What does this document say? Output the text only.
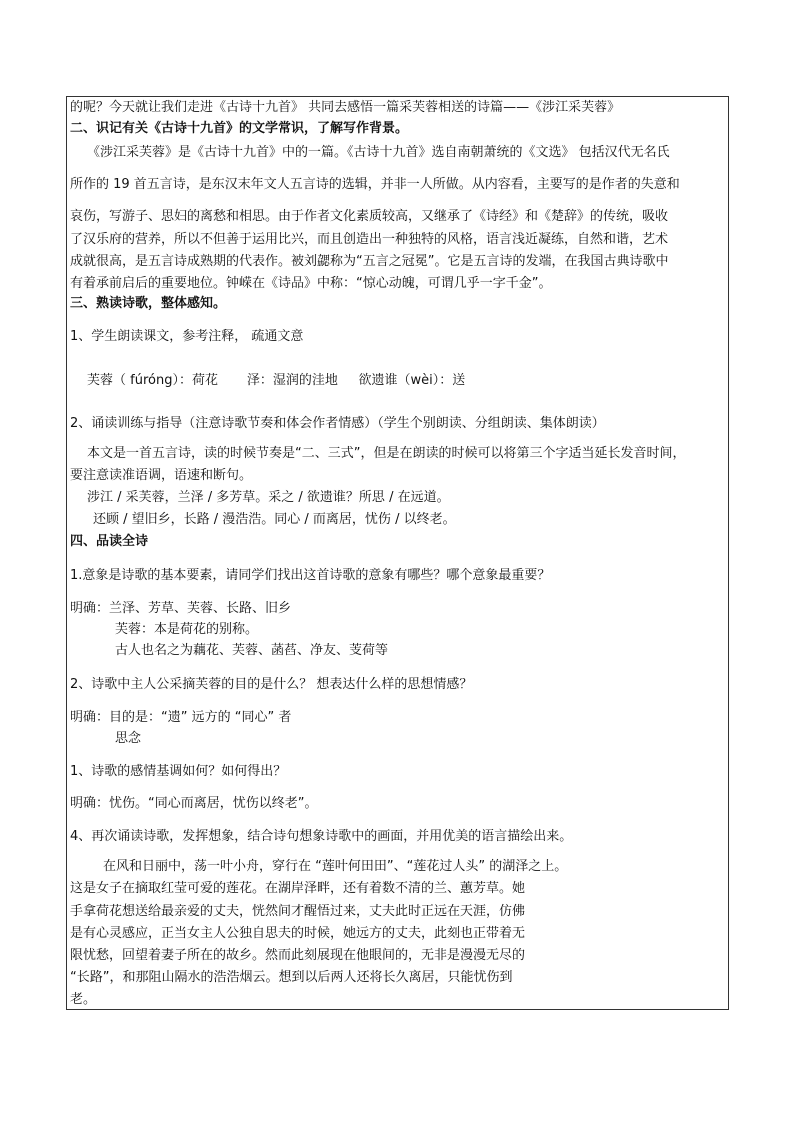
的呢？今天就让我们走进《古诗十九首》 共同去感悟一篇采芙蓉相送的诗篇——《涉江采芙蓉》
二、识记有关《古诗十九首》的文学常识，了解写作背景。
《涉江采芙蓉》是《古诗十九首》中的一篇。《古诗十九首》选自南朝萧统的《文选》 包括汉代无名氏
所作的 19 首五言诗，是东汉末年文人五言诗的选辑，并非一人所做。从内容看，主要写的是作者的失意和
哀伤，写游子、思妇的离愁和相思。由于作者文化素质较高，又继承了《诗经》和《楚辞》的传统，吸收
了汉乐府的营养，所以不但善于运用比兴，而且创造出一种独特的风格，语言浅近凝练，自然和谐，艺术
成就很高，是五言诗成熟期的代表作。被刘勰称为“五言之冠冕”。它是五言诗的发端，在我国古典诗歌中
有着承前启后的重要地位。钟嵘在《诗品》中称：“惊心动魄，可谓几乎一字千金”。
三、熟读诗歌，整体感知。
1、学生朗读课文，参考注释， 疏通文意
芙蓉（ fúróng）：荷花       泽：湿润的洼地     欲遗谁（wèi）：送
2、诵读训练与指导（注意诗歌节奏和体会作者情感）（学生个别朗读、分组朗读、集体朗读）
本文是一首五言诗，读的时候节奏是“二、三式”，但是在朗读的时候可以将第三个字适当延长发音时间，
要注意读准语调，语速和断句。
涉江 / 采芙蓉，兰泽 / 多芳草。采之 / 欲遗谁？所思 / 在远道。
还顾 / 望旧乡，长路 / 漫浩浩。同心 / 而离居，忧伤 / 以终老。
四、品读全诗
1.意象是诗歌的基本要素，请同学们找出这首诗歌的意象有哪些？哪个意象最重要？
明确：兰泽、芳草、芙蓉、长路、旧乡
芙蓉：本是荷花的别称。
古人也名之为藕花、芙蓉、菡萏、净友、芰荷等
2、诗歌中主人公采摘芙蓉的目的是什么？ 想表达什么样的思想情感？
明确：目的是：“遗” 远方的 “同心” 者
思念
1、诗歌的感情基调如何？如何得出？
明确：忧伤。“同心而离居，忧伤以终老”。
4、再次诵读诗歌，发挥想象，结合诗句想象诗歌中的画面，并用优美的语言描绘出来。
在风和日丽中，荡一叶小舟，穿行在 “莲叶何田田”、“莲花过人头” 的湖泽之上。
这是女子在摘取红莹可爱的莲花。在湖岸泽畔，还有着数不清的兰、蕙芳草。她
手拿荷花想送给最亲爱的丈夫，恍然间才醒悟过来，丈夫此时正远在天涯，仿佛
是有心灵感应，正当女主人公独自思夫的时候，她远方的丈夫，此刻也正带着无
限忧愁，回望着妻子所在的故乡。然而此刻展现在他眼间的，无非是漫漫无尽的
“长路”，和那阻山隔水的浩浩烟云。想到以后两人还将长久离居，只能忧伤到
老。
